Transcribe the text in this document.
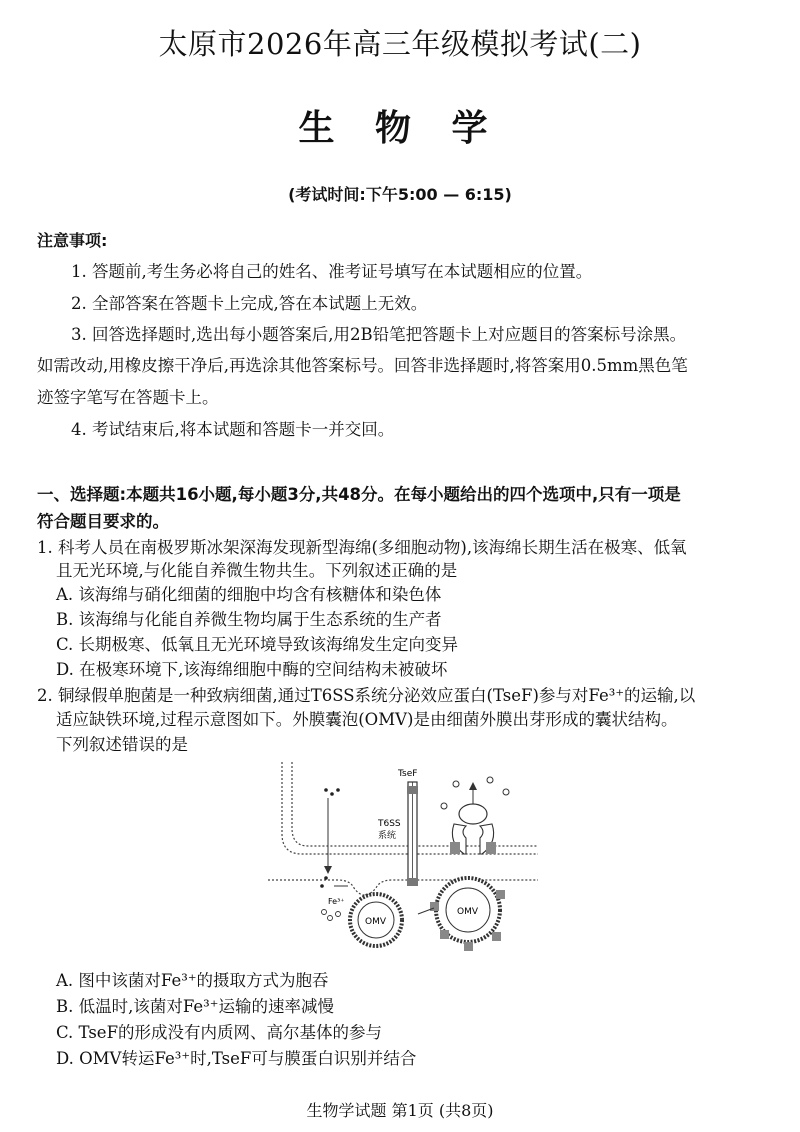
太原市2026年高三年级模拟考试(二)
生 物 学
(考试时间:下午5:00 — 6:15)
注意事项:
1. 答题前,考生务必将自己的姓名、准考证号填写在本试题相应的位置。
2. 全部答案在答题卡上完成,答在本试题上无效。
3. 回答选择题时,选出每小题答案后,用2B铅笔把答题卡上对应题目的答案标号涂黑。
如需改动,用橡皮擦干净后,再选涂其他答案标号。回答非选择题时,将答案用0.5mm黑色笔
迹签字笔写在答题卡上。
4. 考试结束后,将本试题和答题卡一并交回。
一、选择题:本题共16小题,每小题3分,共48分。在每小题给出的四个选项中,只有一项是
符合题目要求的。
1. 科考人员在南极罗斯冰架深海发现新型海绵(多细胞动物),该海绵长期生活在极寒、低氧
且无光环境,与化能自养微生物共生。下列叙述正确的是
A. 该海绵与硝化细菌的细胞中均含有核糖体和染色体
B. 该海绵与化能自养微生物均属于生态系统的生产者
C. 长期极寒、低氧且无光环境导致该海绵发生定向变异
D. 在极寒环境下,该海绵细胞中酶的空间结构未被破坏
2. 铜绿假单胞菌是一种致病细菌,通过T6SS系统分泌效应蛋白(TseF)参与对Fe³⁺的运输,以
适应缺铁环境,过程示意图如下。外膜囊泡(OMV)是由细菌外膜出芽形成的囊状结构。
下列叙述错误的是
TseF
T6SS
系统
OMV
OMV
Fe³⁺
A. 图中该菌对Fe³⁺的摄取方式为胞吞
B. 低温时,该菌对Fe³⁺运输的速率减慢
C. TseF的形成没有内质网、高尔基体的参与
D. OMV转运Fe³⁺时,TseF可与膜蛋白识别并结合
生物学试题 第1页 (共8页)
